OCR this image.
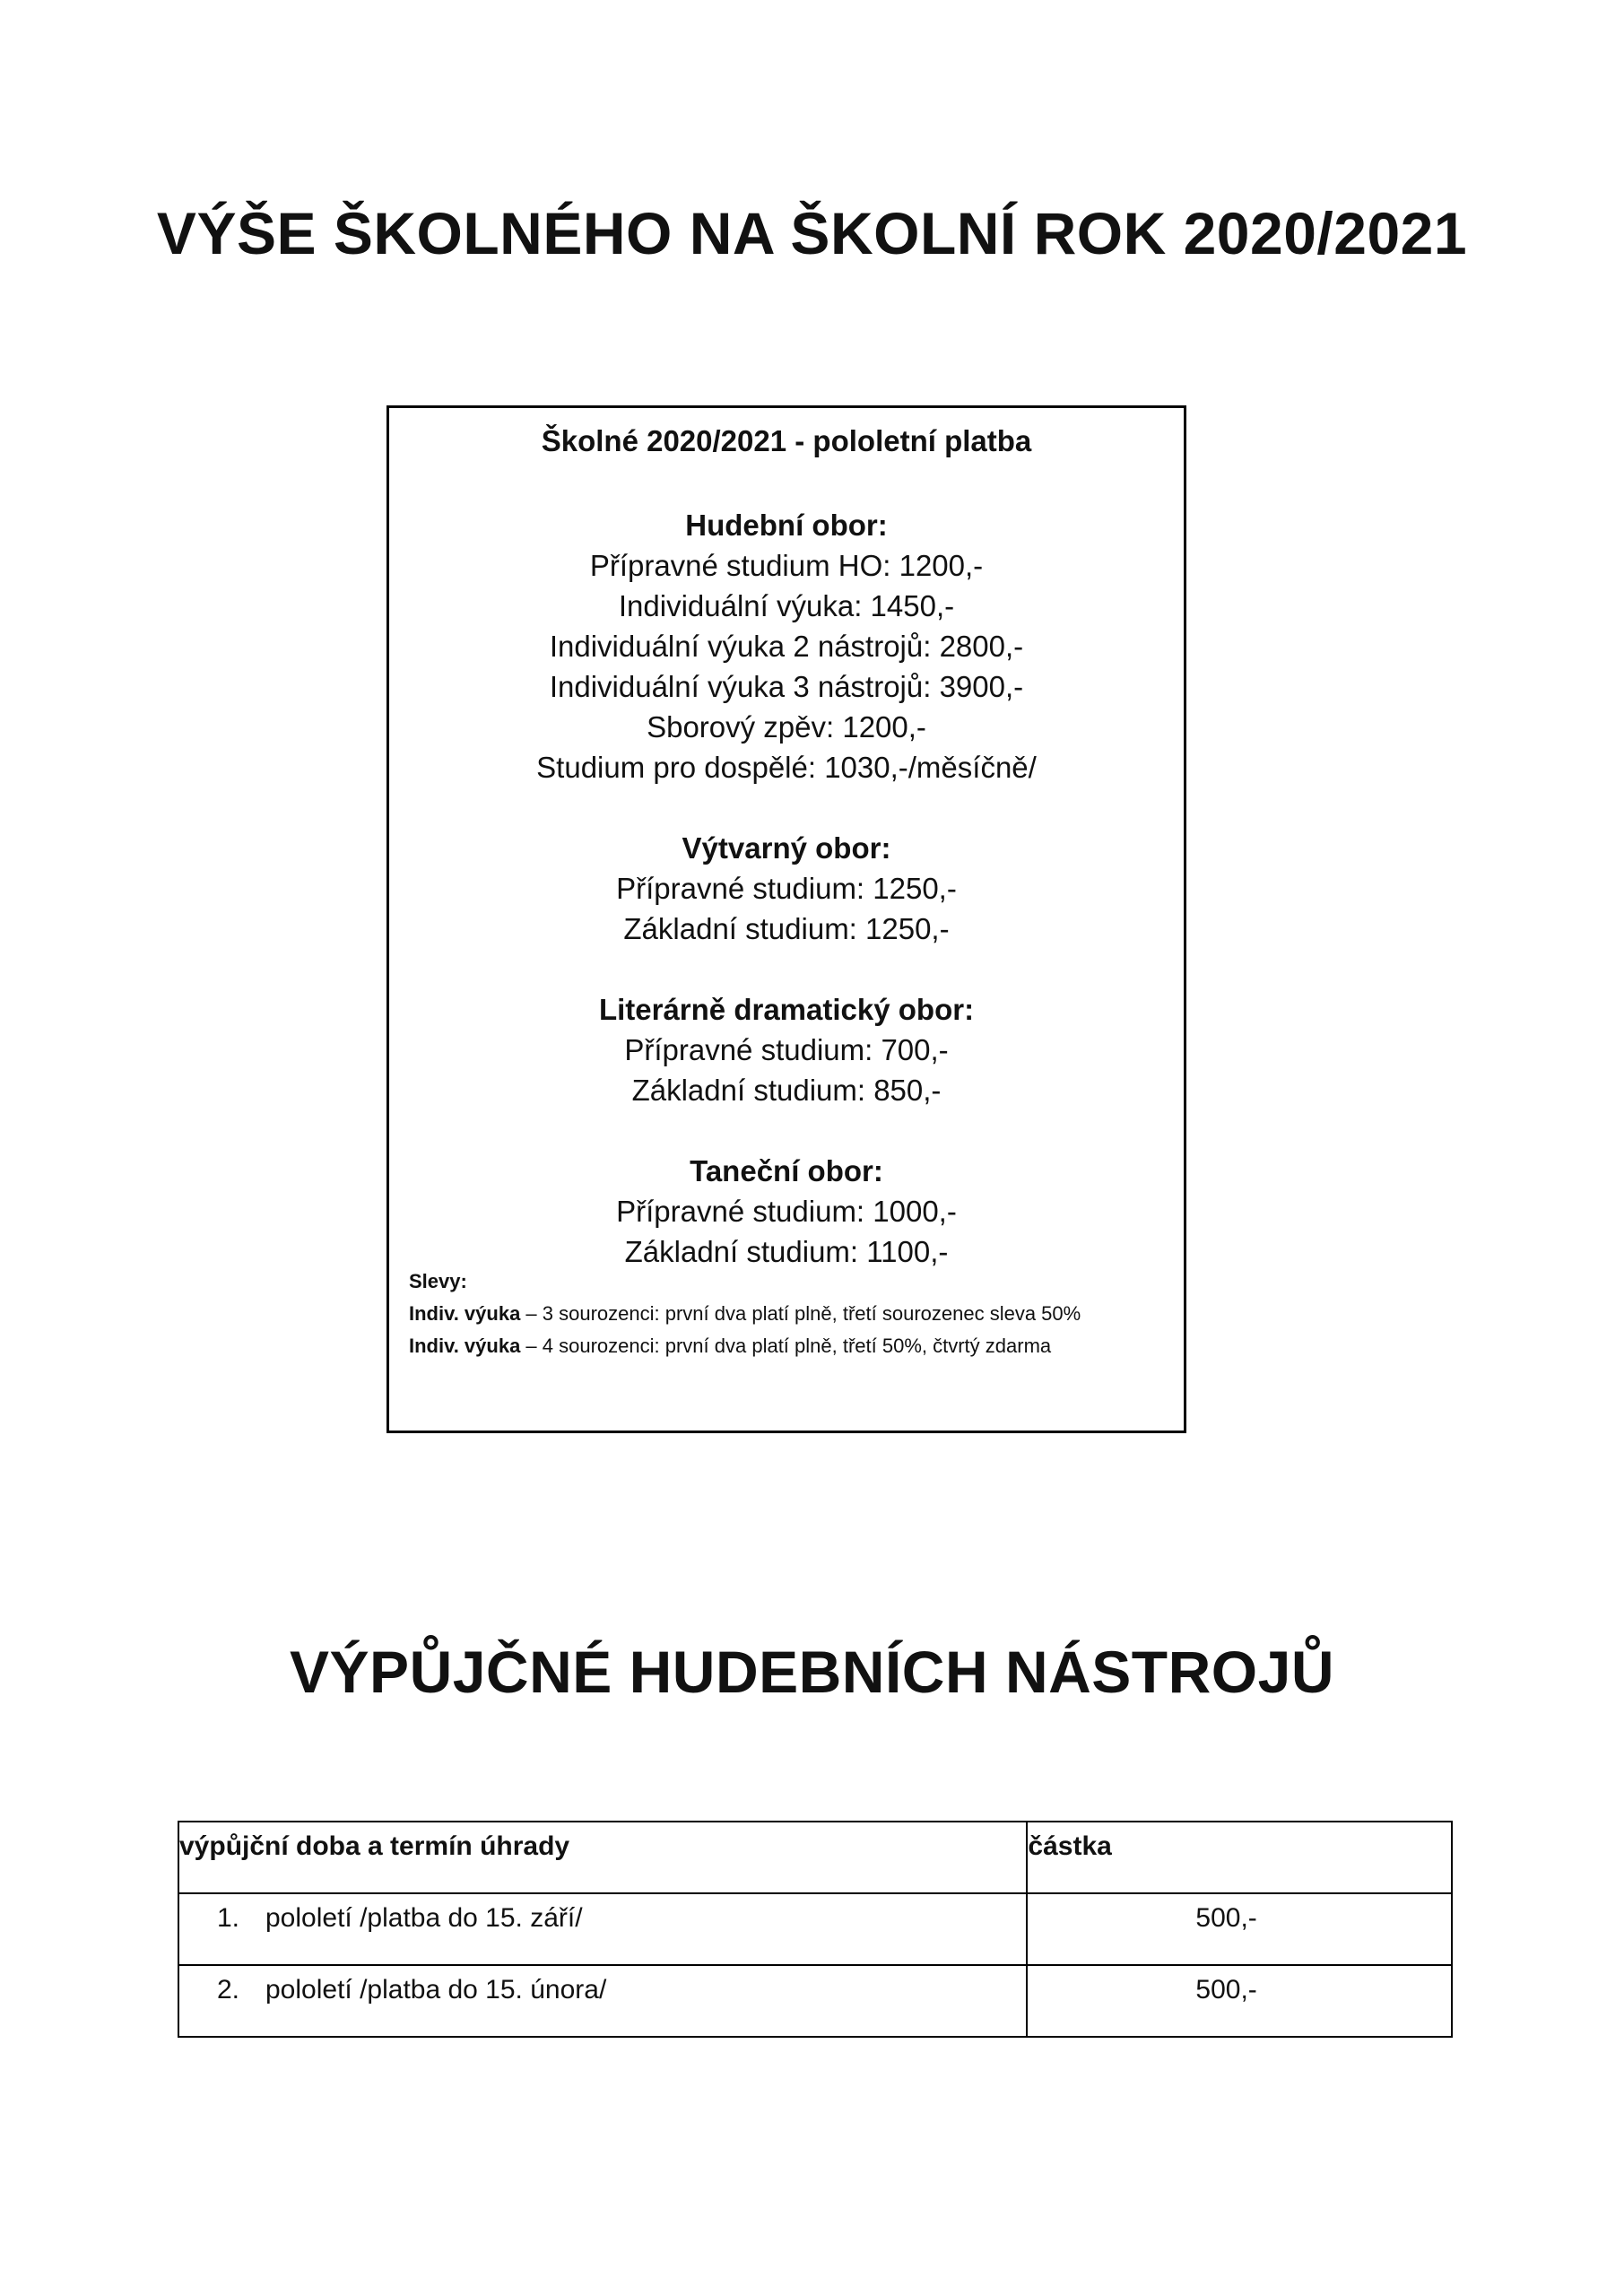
VÝŠE ŠKOLNÉHO NA ŠKOLNÍ ROK 2020/2021
Školné 2020/2021 - pololetní platba
Hudební obor:
Přípravné studium HO: 1200,-
Individuální výuka: 1450,-
Individuální výuka 2 nástrojů: 2800,-
Individuální výuka 3 nástrojů: 3900,-
Sborový zpěv: 1200,-
Studium pro dospělé: 1030,-/měsíčně/
Výtvarný obor:
Přípravné studium: 1250,-
Základní studium: 1250,-
Literárně dramatický obor:
Přípravné studium: 700,-
Základní studium: 850,-
Taneční obor:
Přípravné studium: 1000,-
Základní studium: 1100,-
Slevy:
Indiv. výuka – 3 sourozenci: první dva platí plně, třetí sourozenec sleva 50%
Indiv. výuka – 4 sourozenci: první dva platí plně, třetí 50%, čtvrtý zdarma
VÝPŮJČNÉ HUDEBNÍCH NÁSTROJŮ
výpůjční doba a termín úhrady	částka
1. pololetí /platba do 15. září/	500,-
2. pololetí /platba do 15. února/	500,-
